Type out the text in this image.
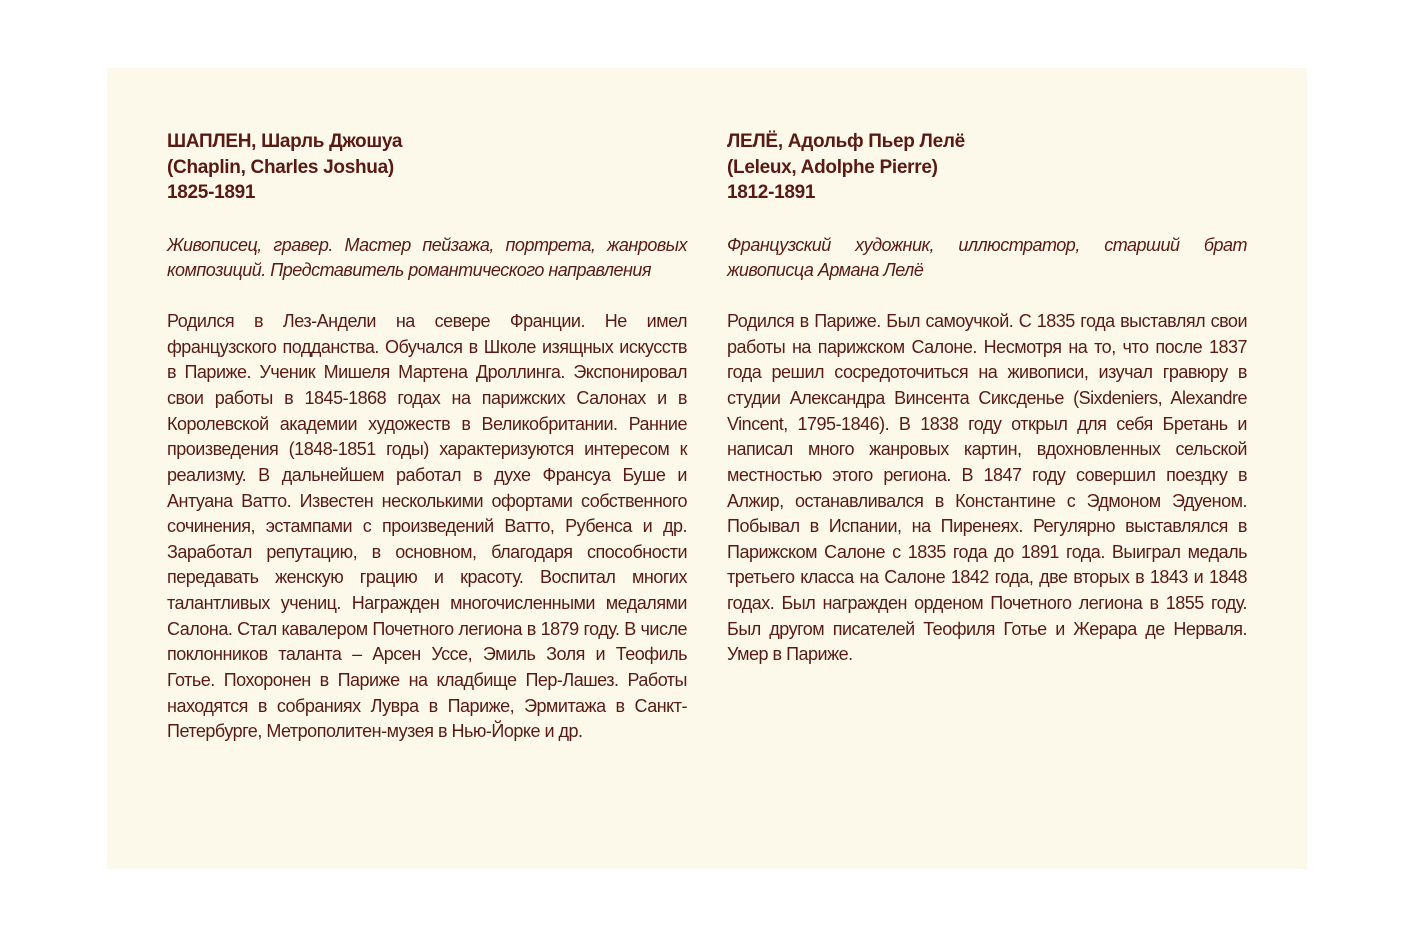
ШАПЛЕН, Шарль Джошуа

(Chaplin, Charles Joshua)

1825-1891

Живописец, гравер. Мастер пейзажа, портрета, жанровых композиций. Представитель романтического направления

Родился в Лез-Андели на севере Франции. Не имел французского подданства. Обучался в Школе изящных искусств в Париже. Ученик Мишеля Мартена Дроллинга. Экспонировал свои работы в 1845-1868 годах на парижских Салонах и в Королевской академии художеств в Великобритании. Ранние произведения (1848-1851 годы) характеризуются интересом к реализму. В дальнейшем работал в духе Франсуа Буше и Антуана Ватто. Известен несколькими офортами собственного сочинения, эстампами с произведений Ватто, Рубенса и др. Заработал репутацию, в основном, благодаря способности передавать женскую грацию и красоту. Воспитал многих талантливых учениц. Награжден многочисленными медалями Салона. Стал кавалером Почетного легиона в 1879 году. В числе поклонников таланта – Арсен Уссе, Эмиль Золя и Теофиль Готье. Похоронен в Париже на кладбище Пер-Лашез. Работы находятся в собраниях Лувра в Париже, Эрмитажа в Санкт-Петербурге, Метрополитен-музея в Нью-Йорке и др.

ЛЕЛЁ, Адольф Пьер Лелё

(Leleux, Adolphe Pierre)

1812-1891

Французский художник, иллюстратор, старший брат живописца Армана Лелё

Родился в Париже. Был самоучкой. С 1835 года выставлял свои работы на парижском Салоне. Несмотря на то, что после 1837 года решил сосредоточиться на живописи, изучал гравюру в студии Александра Винсента Сиксденье (Sixdeniers, Alexandre Vincent, 1795-1846). В 1838 году открыл для себя Бретань и написал много жанровых картин, вдохновленных сельской местностью этого региона. В 1847 году совершил поездку в Алжир, останавливался в Константине с Эдмоном Эдуеном. Побывал в Испании, на Пиренеях. Регулярно выставлялся в Парижском Салоне с 1835 года до 1891 года. Выиграл медаль третьего класса на Салоне 1842 года, две вторых в 1843 и 1848 годах. Был награжден орденом Почетного легиона в 1855 году. Был другом писателей Теофиля Готье и Жерара де Нерваля. Умер в Париже.
